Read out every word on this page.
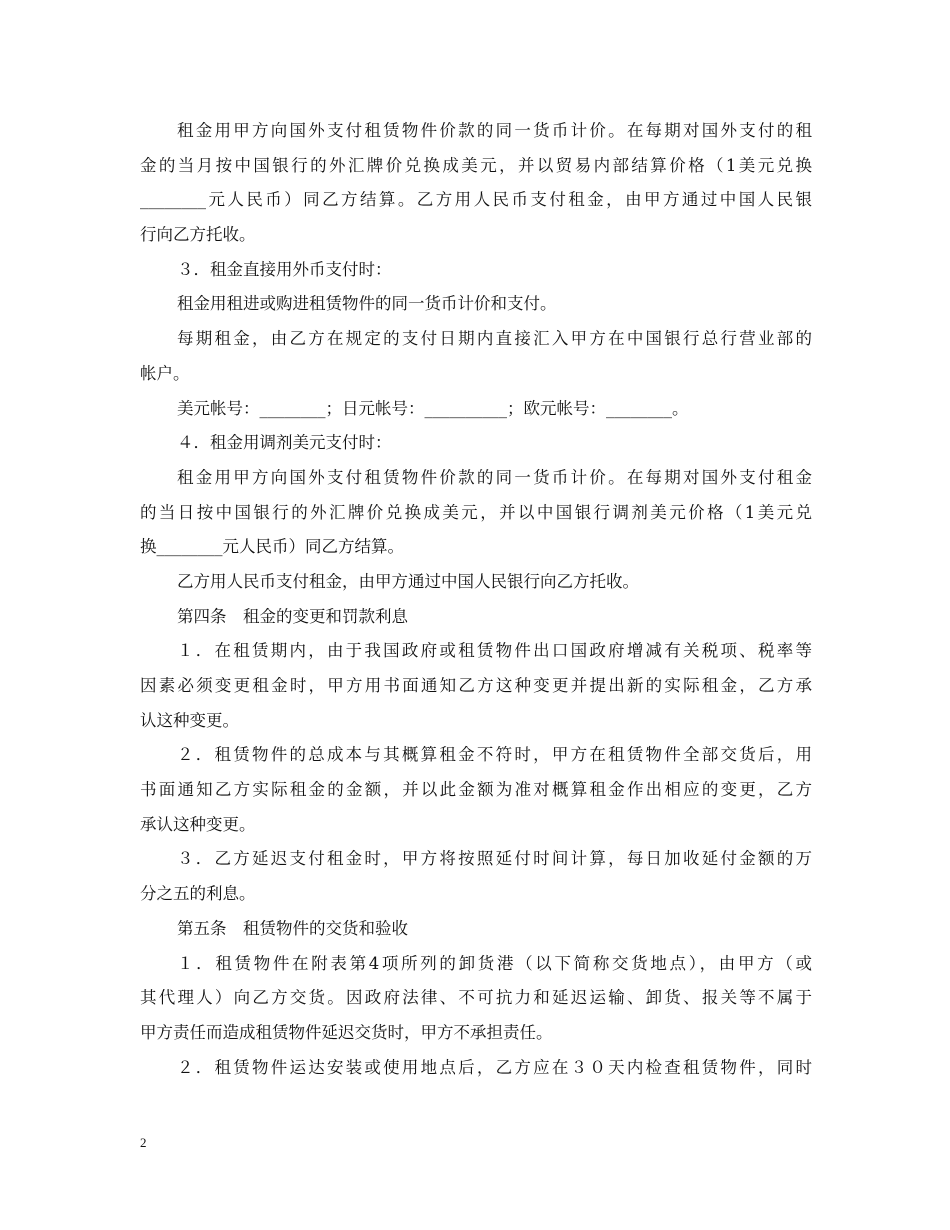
租金用甲方向国外支付租赁物件价款的同一货币计价。在每期对国外支付的租
金的当月按中国银行的外汇牌价兑换成美元，并以贸易内部结算价格（1美元兑换
________元人民币）同乙方结算。乙方用人民币支付租金，由甲方通过中国人民银
行向乙方托收。
３．租金直接用外币支付时：
租金用租进或购进租赁物件的同一货币计价和支付。
每期租金，由乙方在规定的支付日期内直接汇入甲方在中国银行总行营业部的
帐户。
美元帐号：________；日元帐号：__________；欧元帐号：________。
４．租金用调剂美元支付时：
租金用甲方向国外支付租赁物件价款的同一货币计价。在每期对国外支付租金
的当日按中国银行的外汇牌价兑换成美元，并以中国银行调剂美元价格（1美元兑
换________元人民币）同乙方结算。
乙方用人民币支付租金，由甲方通过中国人民银行向乙方托收。
第四条　租金的变更和罚款利息
１．在租赁期内，由于我国政府或租赁物件出口国政府增减有关税项、税率等
因素必须变更租金时，甲方用书面通知乙方这种变更并提出新的实际租金，乙方承
认这种变更。
２．租赁物件的总成本与其概算租金不符时，甲方在租赁物件全部交货后，用
书面通知乙方实际租金的金额，并以此金额为准对概算租金作出相应的变更，乙方
承认这种变更。
３．乙方延迟支付租金时，甲方将按照延付时间计算，每日加收延付金额的万
分之五的利息。
第五条　租赁物件的交货和验收
１．租赁物件在附表第4项所列的卸货港（以下简称交货地点），由甲方（或
其代理人）向乙方交货。因政府法律、不可抗力和延迟运输、卸货、报关等不属于
甲方责任而造成租赁物件延迟交货时，甲方不承担责任。
２．租赁物件运达安装或使用地点后，乙方应在３０天内检查租赁物件，同时
2
